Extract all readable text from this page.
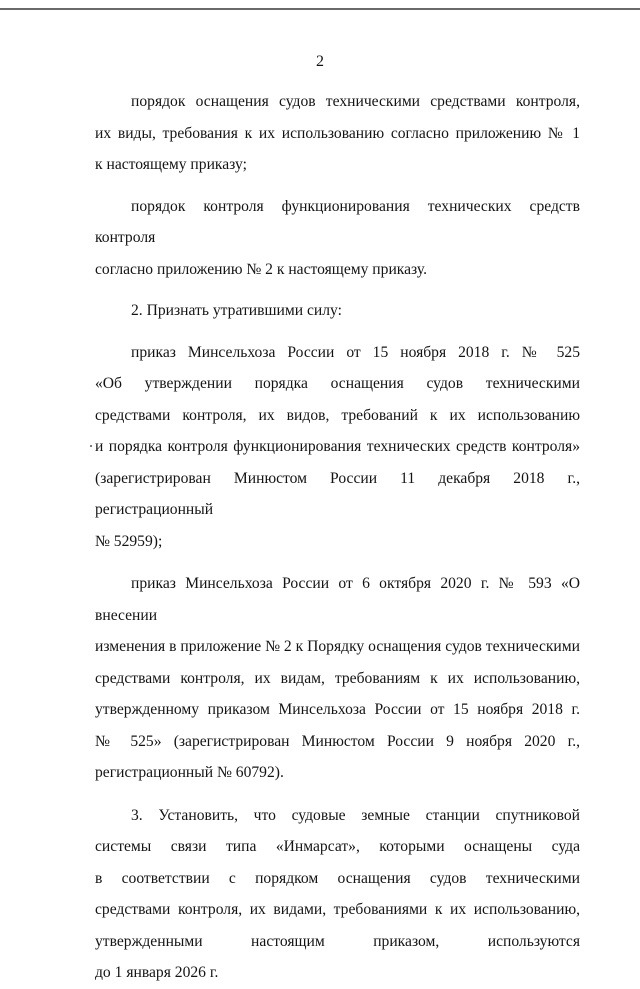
2

порядок оснащения судов техническими средствами контроля,

их виды, требования к их использованию согласно приложению № 1

к настоящему приказу;

порядок контроля функционирования технических средств контроля

согласно приложению № 2 к настоящему приказу.

2. Признать утратившими силу:

приказ Минсельхоза России от 15 ноября 2018 г. № 525

«Об утверждении порядка оснащения судов техническими

средствами контроля, их видов, требований к их использованию

и порядка контроля функционирования технических средств контроля»

(зарегистрирован Минюстом России 11 декабря 2018 г., регистрационный

№ 52959);

приказ Минсельхоза России от 6 октября 2020 г. № 593 «О внесении

изменения в приложение № 2 к Порядку оснащения судов техническими

средствами контроля, их видам, требованиям к их использованию,

утвержденному приказом Минсельхоза России от 15 ноября 2018 г.

№ 525» (зарегистрирован Минюстом России 9 ноября 2020 г.,

регистрационный № 60792).

3. Установить, что судовые земные станции спутниковой

системы связи типа «Инмарсат», которыми оснащены суда

в соответствии с порядком оснащения судов техническими

средствами контроля, их видами, требованиями к их использованию,

утвержденными настоящим приказом, используются

до 1 января 2026 г.
